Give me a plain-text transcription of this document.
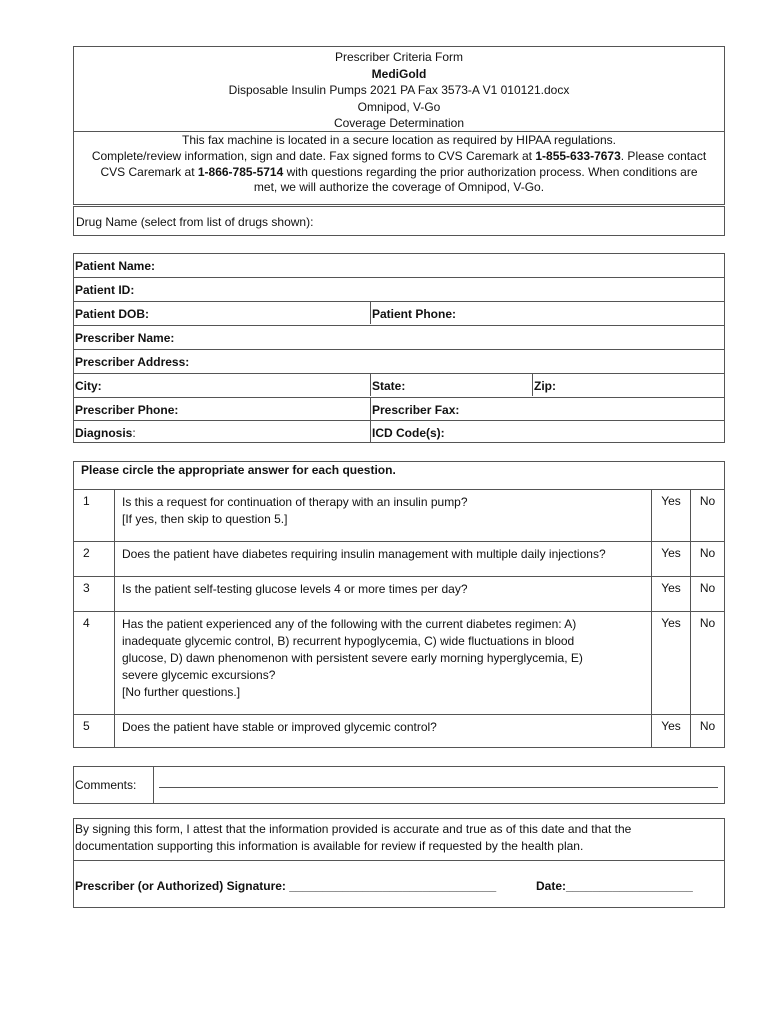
Prescriber Criteria Form
MediGold
Disposable Insulin Pumps 2021 PA Fax 3573-A V1 010121.docx
Omnipod, V-Go
Coverage Determination
This fax machine is located in a secure location as required by HIPAA regulations.
Complete/review information, sign and date. Fax signed forms to CVS Caremark at 1-855-633-7673. Please contact
CVS Caremark at 1-866-785-5714 with questions regarding the prior authorization process. When conditions are
met, we will authorize the coverage of Omnipod, V-Go.
Drug Name (select from list of drugs shown):
Patient Name:
Patient ID:
Patient DOB:	Patient Phone:
Prescriber Name:
Prescriber Address:
City:	State:	Zip:
Prescriber Phone:	Prescriber Fax:
Diagnosis:	ICD Code(s):
Please circle the appropriate answer for each question.
1	Is this a request for continuation of therapy with an insulin pump?
[If yes, then skip to question 5.]
Yes	No
2	Does the patient have diabetes requiring insulin management with multiple daily injections?	Yes	No
3	Is the patient self-testing glucose levels 4 or more times per day?	Yes	No
4	Has the patient experienced any of the following with the current diabetes regimen: A)
inadequate glycemic control, B) recurrent hypoglycemia, C) wide fluctuations in blood
glucose, D) dawn phenomenon with persistent severe early morning hyperglycemia, E)
severe glycemic excursions?
[No further questions.]
Yes	No
5	Does the patient have stable or improved glycemic control?	Yes	No
Comments:
By signing this form, I attest that the information provided is accurate and true as of this date and that the
documentation supporting this information is available for review if requested by the health plan.
Prescriber (or Authorized) Signature: _______________________________	Date:___________________
